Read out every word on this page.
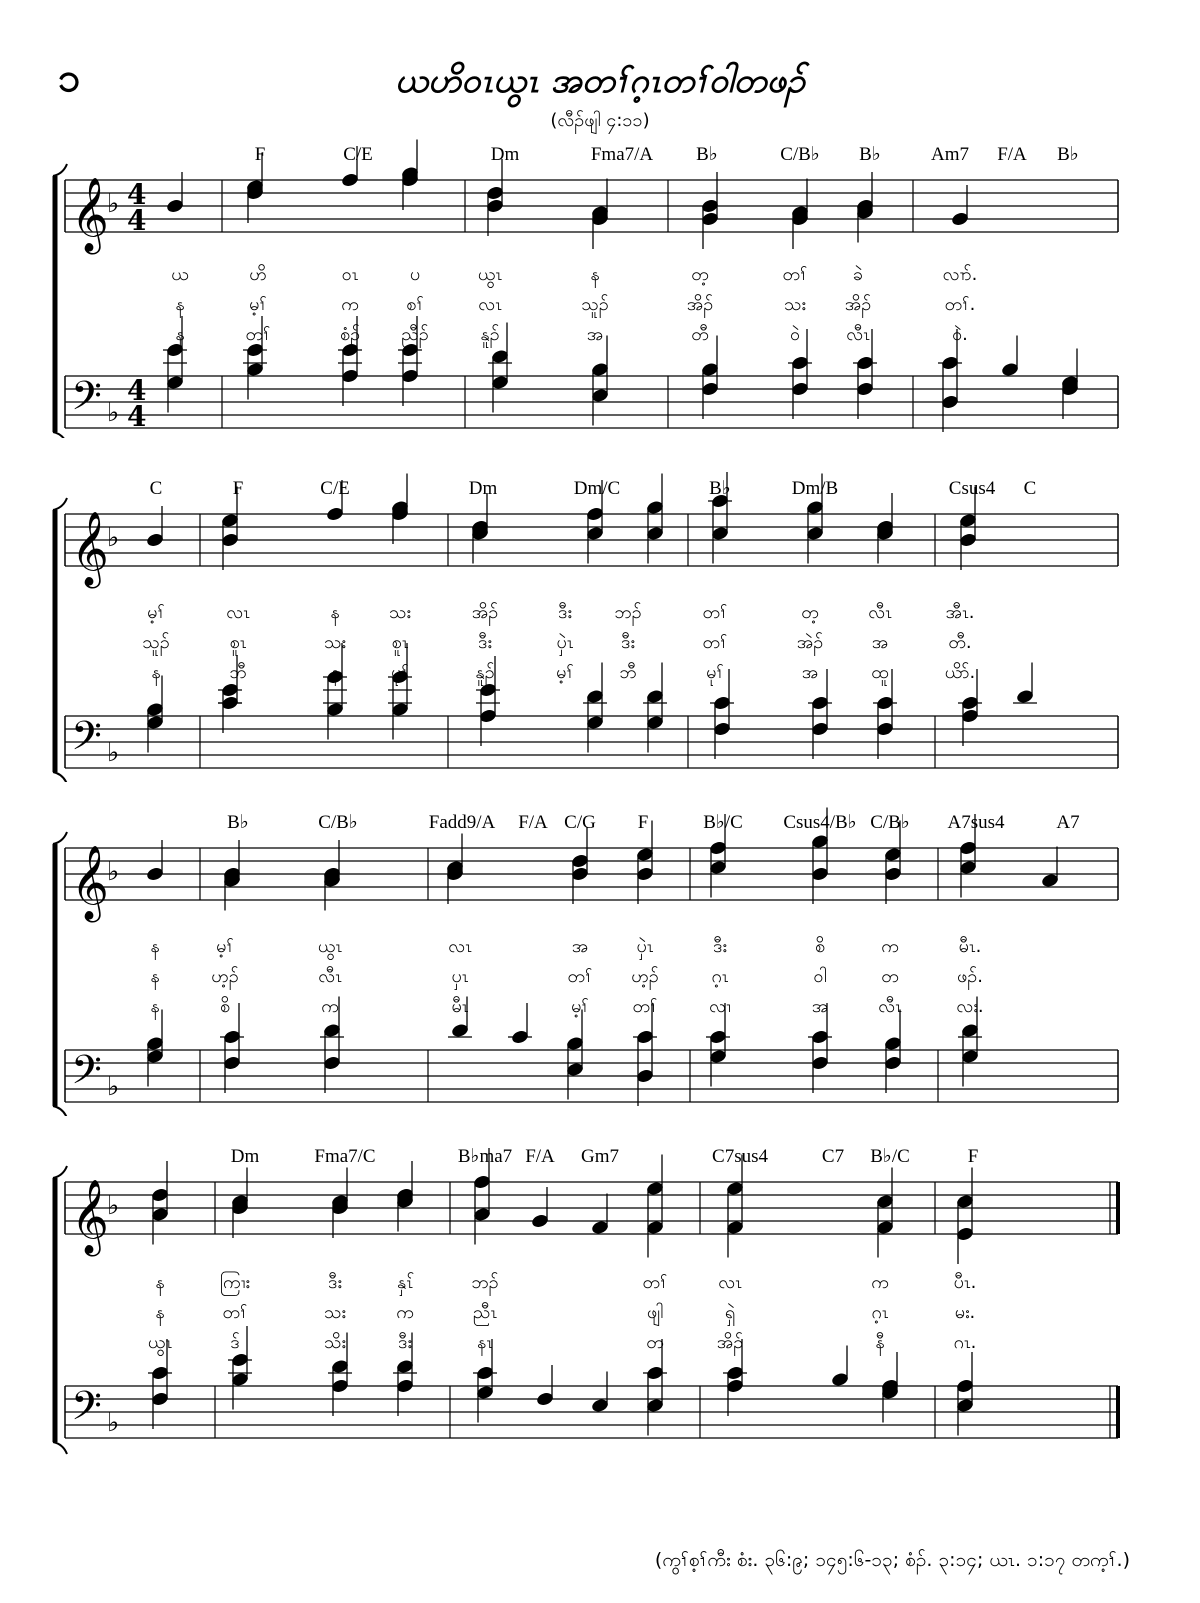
၁	ယဟိဝၤယွၤ အတၢ်ဂ့ၤတၢ်ဝါတဖၣ်
(လီၣ်ဖျါ ၄:၁၁)
𝄞
𝄢
♭
♭
4
4
4
4
F	C/E	Dm	Fma7/A B♭	C/B♭ B♭	Am7 F/A B♭
ယ	ဟိ	ဝၤ	ပ	ယွၤ	န	တ့	တၢ်	ခဲ	လၢာ်.
န	မ့ၢ်	က	စၢ်	လၤ	သူၣ်	အိၣ်	သး အိၣ်	တၢ်.
န	တၢ်	စံၣ် ညီၣ်	နူၣ်	အ	တီ	ဝဲ	လီၤ	ဝဲ.
𝄞
𝄢
♭
♭
C	F	C/E	Dm	Dm/C	B♭	Dm/B	Csus4 C
မ့ၢ်	လၤ	န	သး	အိၣ်	ဒီး ဘၣ်	တၢ်	တ့	လီၤ	အီၤ.
သူၣ်	စူၤ	သး	စူၤ	ဒီး	ပှဲၤ	ဒီး	တၢ်	အဲၣ်	အ	တီ.
န	ဘီ	န	မုၢ်	နူၣ်	မ့ၢ်	ဘီ	မုၢ်	အ	ထူ	ယိာ်.
𝄞
𝄢
♭
♭
B♭	C/B♭	Fadd9/A F/A C/G F	B♭/C Csus4/B♭ C/B♭ A7sus4	A7
န	မ့ၢ်	ယွၤ	လၤ	အ	ပှဲၤ	ဒီး	စိ	က	မီၤ.
န	ဟ့ၣ်	လီၤ	ပှၤ	တၢ် ဟ့ၣ်	ဂ့ၤ	ဝါ	တ	ဖၣ်.
န	စိ	က	မီၤ	မ့ၢ် တၢ်	လၢ	အ	လီၤ	လး.
𝄞
𝄢
♭
♭
Dm	Fma7/C	B♭ma7 F/A Gm7	C7sus4	C7 B♭/C	F
န	ကြၢး	ဒီး	နှၤ်	ဘၣ်	တၢ်	လၤ	က	ပီၤ.
န	တၢ်	သး	က	ညီၤ	ဖျါ	ရှဲ	ဂ့ၤ	မး.
ယွၤ	ဒ်	သိး	ဒီး	နၤ	တ	အိၣ်	နီ	ဂၤ.
(ကွၢ်စ့ၢ်ကီး စံး. ၃၆:၉; ၁၄၅:၆-၁၃; စံၣ်. ၃:၁၄; ယၤ. ၁:၁၇ တက့ၢ်.)
